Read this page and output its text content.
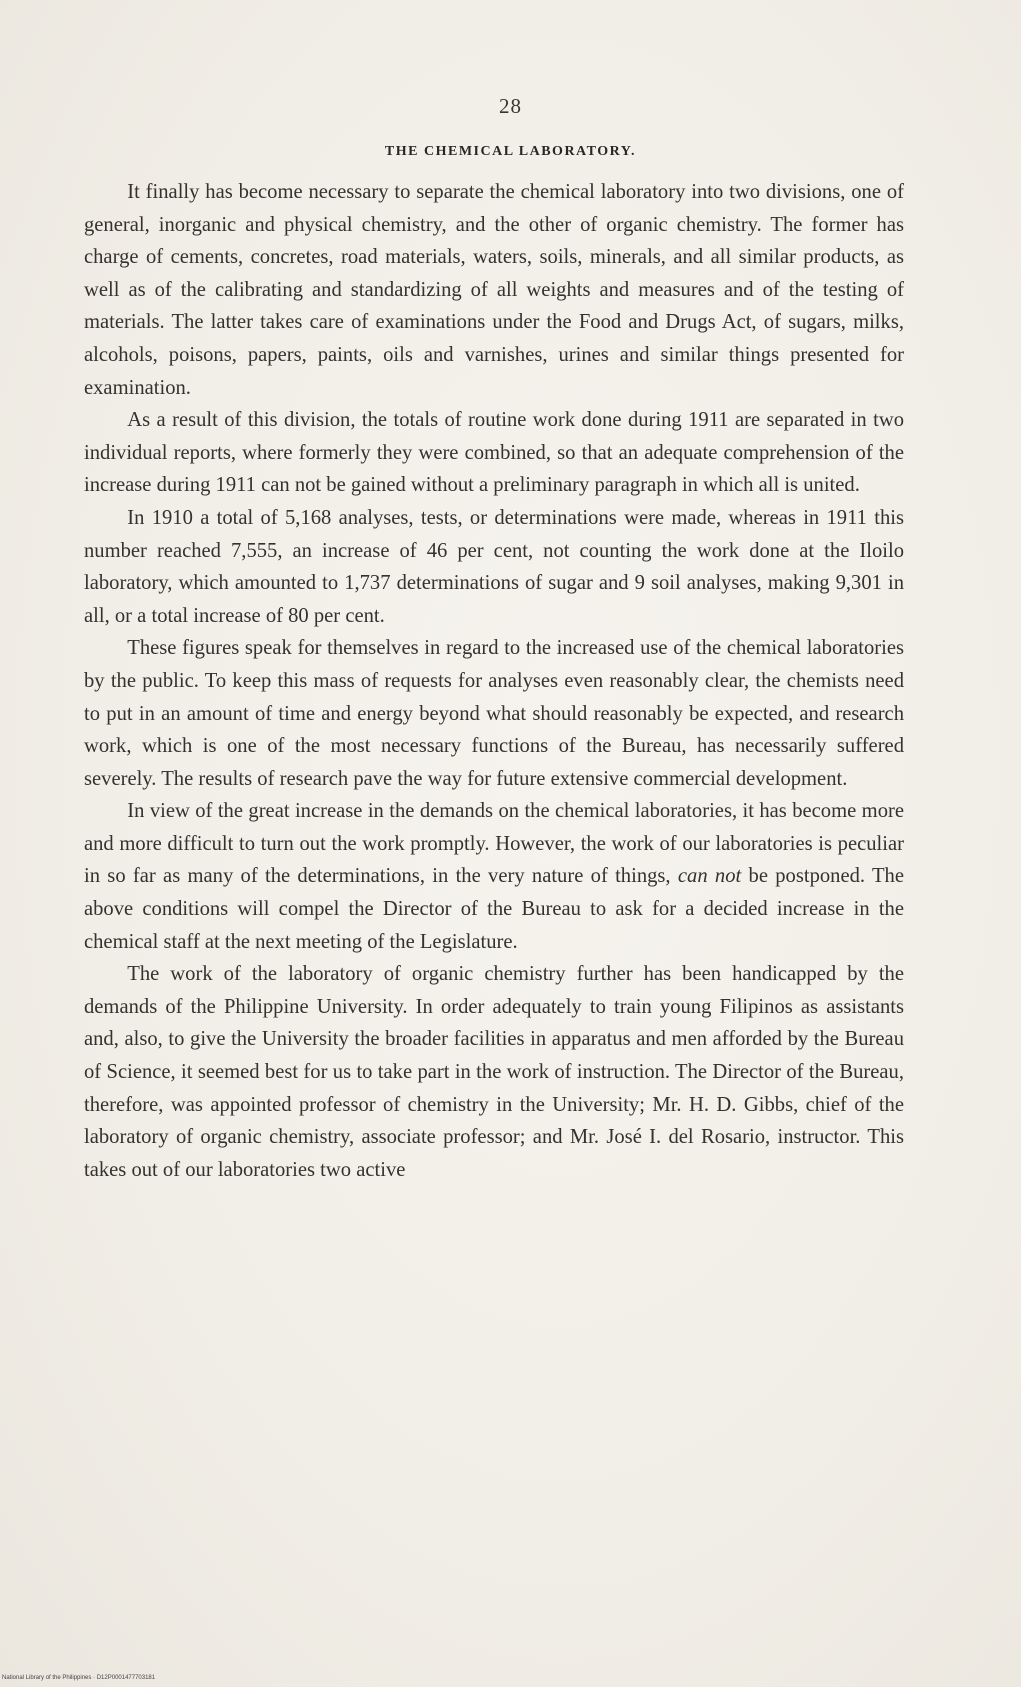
28
THE CHEMICAL LABORATORY.

It finally has become necessary to separate the chemical laboratory into two divisions, one of general, inorganic and physical chemistry, and the other of organic chemistry. The former has charge of cements, concretes, road materials, waters, soils, minerals, and all similar products, as well as of the calibrating and standardizing of all weights and measures and of the testing of materials. The latter takes care of examinations under the Food and Drugs Act, of sugars, milks, alcohols, poisons, papers, paints, oils and varnishes, urines and similar things presented for examination.

As a result of this division, the totals of routine work done during 1911 are separated in two individual reports, where formerly they were combined, so that an adequate comprehension of the increase during 1911 can not be gained without a preliminary paragraph in which all is united.

In 1910 a total of 5,168 analyses, tests, or determinations were made, whereas in 1911 this number reached 7,555, an increase of 46 per cent, not counting the work done at the Iloilo laboratory, which amounted to 1,737 determinations of sugar and 9 soil analyses, making 9,301 in all, or a total increase of 80 per cent.

These figures speak for themselves in regard to the increased use of the chemical laboratories by the public. To keep this mass of requests for analyses even reasonably clear, the chemists need to put in an amount of time and energy beyond what should reasonably be expected, and research work, which is one of the most necessary functions of the Bureau, has necessarily suffered severely. The results of research pave the way for future extensive commercial development.

In view of the great increase in the demands on the chemical laboratories, it has become more and more difficult to turn out the work promptly. However, the work of our laboratories is peculiar in so far as many of the determinations, in the very nature of things, can not be postponed. The above conditions will compel the Director of the Bureau to ask for a decided increase in the chemical staff at the next meeting of the Legislature.

The work of the laboratory of organic chemistry further has been handicapped by the demands of the Philippine University. In order adequately to train young Filipinos as assistants and, also, to give the University the broader facilities in apparatus and men afforded by the Bureau of Science, it seemed best for us to take part in the work of instruction. The Director of the Bureau, therefore, was appointed professor of chemistry in the University; Mr. H. D. Gibbs, chief of the laboratory of organic chemistry, associate professor; and Mr. José I. del Rosario, instructor. This takes out of our laboratories two active

National Library of the Philippines · D12P0001477703181
